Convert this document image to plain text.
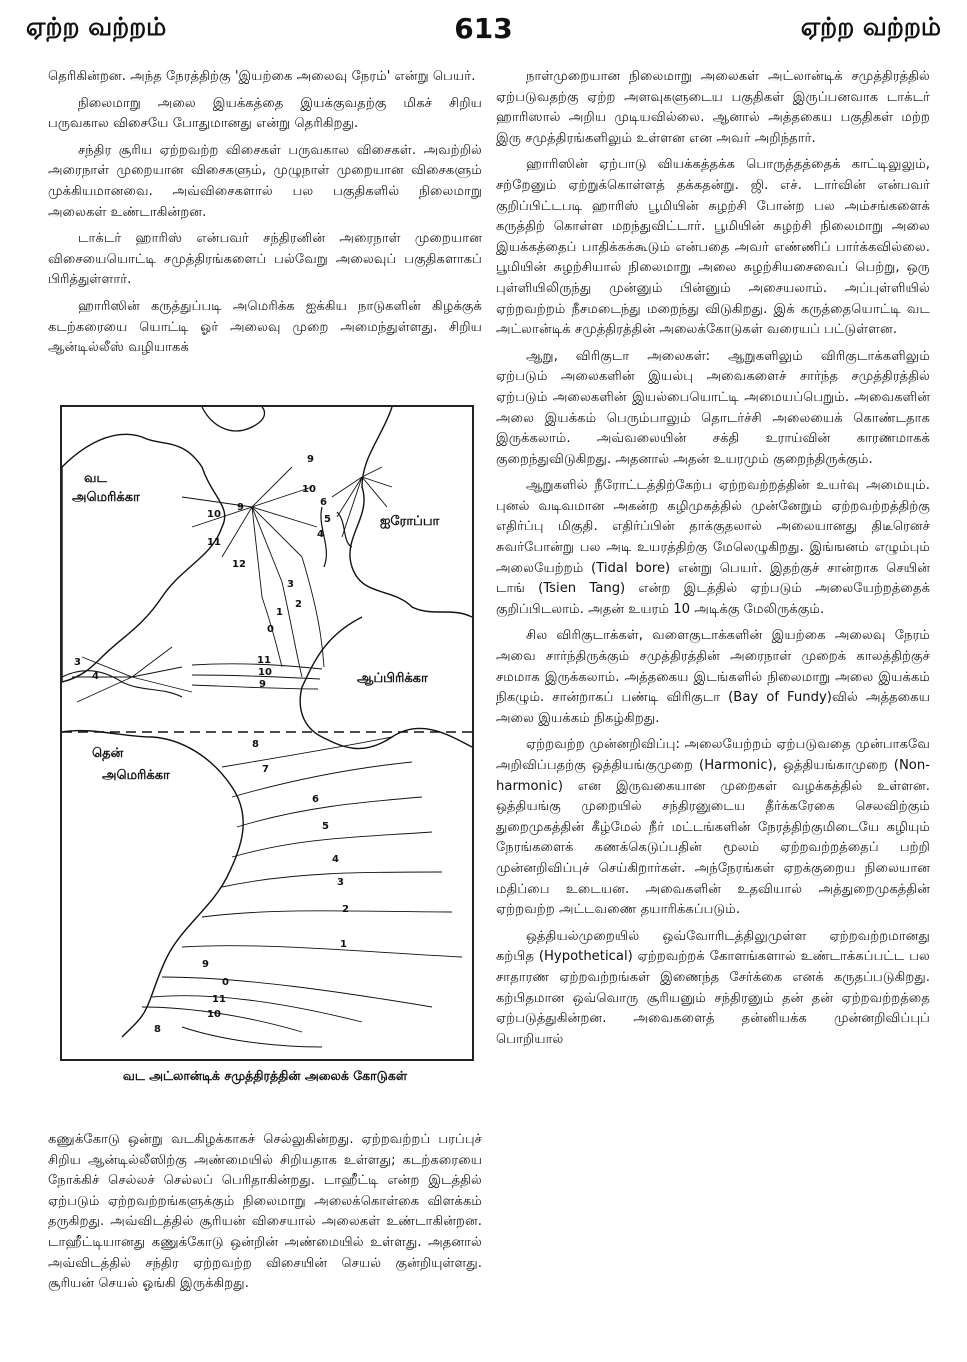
ஏற்ற வற்றம்	613	ஏற்ற வற்றம்

தெரிகின்றன. அந்த நேரத்திற்கு 'இயற்கை அலைவு நேரம்' என்று பெயர்.

நிலைமாறு அலை இயக்கத்தை இயக்குவதற்கு மிகச் சிறிய பருவகால விசையே போதுமானது என்று தெரிகிறது.

சந்திர சூரிய ஏற்றவற்ற விசைகள் பருவகால விசைகள். அவற்றில் அரைநாள் முறையான விசைகளும், முழுநாள் முறையான விசைகளும் முக்கியமானவை. அவ்விசைகளால் பல பகுதிகளில் நிலைமாறு அலைகள் உண்டாகின்றன.

டாக்டர் ஹாரிஸ் என்பவர் சந்திரனின் அரைநாள் முறையான விசையையொட்டி சமுத்திரங்களைப் பல்வேறு அலைவுப் பகுதிகளாகப் பிரித்துள்ளார்.

ஹாரிஸின் கருத்துப்படி அமெரிக்க ஐக்கிய நாடுகளின் கிழக்குக் கடற்கரையை யொட்டி ஓர் அலைவு முறை அமைந்துள்ளது. சிறிய ஆன்டில்லீஸ் வழியாகக்

வட
அமெரிக்கா
ஐரோப்பா
ஆப்பிரிக்கா
தென்
அமெரிக்கா
10
9
11
12
3
2
1
0
11
10
9
4
3
9
10
6
5
4
8
7
6
5
4
3
2
1
0
11
10
9
8
வட அட்லான்டிக் சமுத்திரத்தின் அலைக் கோடுகள்

கணுக்கோடு ஒன்று வடகிழக்காகச் செல்லுகின்றது. ஏற்றவற்றப் பரப்புச் சிறிய ஆன்டில்லீஸிற்கு அண்மையில் சிறியதாக உள்ளது; கடற்கரையை நோக்கிச் செல்லச் செல்லப் பெரிதாகின்றது. டாஹீட்டி என்ற இடத்தில் ஏற்படும் ஏற்றவற்றங்களுக்கும் நிலைமாறு அலைக்கொள்கை விளக்கம் தருகிறது. அவ்விடத்தில் சூரியன் விசையால் அலைகள் உண்டாகின்றன. டாஹீட்டியானது கணுக்கோடு ஒன்றின் அண்மையில் உள்ளது. அதனால் அவ்விடத்தில் சந்திர ஏற்றவற்ற விசையின் செயல் குன்றியுள்ளது. சூரியன் செயல் ஓங்கி இருக்கிறது.

நாள்முறையான நிலைமாறு அலைகள் அட்லான்டிக் சமுத்திரத்தில் ஏற்படுவதற்கு ஏற்ற அளவுகளுடைய பகுதிகள் இருப்பனவாக டாக்டர் ஹாரிஸால் அறிய முடியவில்லை. ஆனால் அத்தகைய பகுதிகள் மற்ற இரு சமுத்திரங்களிலும் உள்ளன என அவர் அறிந்தார்.

ஹாரிஸின் ஏற்பாடு வியக்கத்தக்க பொருத்தத்தைக் காட்டிலுலும், சற்றேனும் ஏற்றுக்கொள்ளத் தக்கதன்று. ஜி. எச். டார்வின் என்பவர் குறிப்பிட்டபடி ஹாரிஸ் பூமியின் சுழற்சி போன்ற பல அம்சங்களைக் கருத்திற் கொள்ள மறந்துவிட்டார். பூமியின் சுழற்சி நிலைமாறு அலை இயக்கத்தைப் பாதிக்கக்கூடும் என்பதை அவர் எண்ணிப் பார்க்கவில்லை. பூமியின் சுழற்சியால் நிலைமாறு அலை சுழற்சியசைவைப் பெற்று, ஒரு புள்ளியிலிருந்து முன்னும் பின்னும் அசையலாம். அப்புள்ளியில் ஏற்றவற்றம் நீசமடைந்து மறைந்து விடுகிறது. இக் கருத்தையொட்டி வட அட்லான்டிக் சமுத்திரத்தின் அலைக்கோடுகள் வரையப் பட்டுள்ளன.

ஆறு, விரிகுடா அலைகள்: ஆறுகளிலும் விரிகுடாக்களிலும் ஏற்படும் அலைகளின் இயல்பு அவைகளைச் சார்ந்த சமுத்திரத்தில் ஏற்படும் அலைகளின் இயல்பையொட்டி அமையப்பெறும். அவைகளின் அலை இயக்கம் பெரும்பாலும் தொடர்ச்சி அலையைக் கொண்டதாக இருக்கலாம். அவ்வலையின் சக்தி உராய்வின் காரணமாகக் குறைந்துவிடுகிறது. அதனால் அதன் உயரமும் குறைந்திருக்கும்.

ஆறுகளில் நீரோட்டத்திற்கேற்ப ஏற்றவற்றத்தின் உயர்வு அமையும். புனல் வடிவமான அகன்ற கழிமுகத்தில் முன்னேறும் ஏற்றவற்றத்திற்கு எதிர்ப்பு மிகுதி. எதிர்ப்பின் தாக்குதலால் அலையானது திடீரெனச் சுவர்போன்று பல அடி உயரத்திற்கு மேலெழுகிறது. இங்ஙனம் எழும்பும் அலையேற்றம் (Tidal bore) என்று பெயர். இதற்குச் சான்றாக செயின் டாங் (Tsien Tang) என்ற இடத்தில் ஏற்படும் அலையேற்றத்தைக் குறிப்பிடலாம். அதன் உயரம் 10 அடிக்கு மேலிருக்கும்.

சில விரிகுடாக்கள், வளைகுடாக்களின் இயற்கை அலைவு நேரம் அவை சார்ந்திருக்கும் சமுத்திரத்தின் அரைநாள் முறைக் காலத்திற்குச் சமமாக இருக்கலாம். அத்தகைய இடங்களில் நிலைமாறு அலை இயக்கம் நிகழும். சான்றாகப் பண்டி விரிகுடா (Bay of Fundy)வில் அத்தகைய அலை இயக்கம் நிகழ்கிறது.

ஏற்றவற்ற முன்னறிவிப்பு: அலையேற்றம் ஏற்படுவதை முன்பாகவே அறிவிப்பதற்கு ஒத்தியங்குமுறை (Harmonic), ஒத்தியங்காமுறை (Non-harmonic) என இருவகையான முறைகள் வழக்கத்தில் உள்ளன. ஒத்தியங்கு முறையில் சந்திரனுடைய தீர்க்கரேகை செலவிற்கும் துறைமுகத்தின் கீழ்மேல் நீர் மட்டங்களின் நேரத்திற்குமிடையே கழியும் நேரங்களைக் கணக்கெடுப்பதின் மூலம் ஏற்றவற்றத்தைப் பற்றி முன்னறிவிப்புச் செய்கிறார்கள். அந்நேரங்கள் ஏறக்குறைய நிலையான மதிப்பை உடையன. அவைகளின் உதவியால் அத்துறைமுகத்தின் ஏற்றவற்ற அட்டவணை தயாரிக்கப்படும்.

ஒத்தியல்முறையில் ஒவ்வோரிடத்திலுமுள்ள ஏற்றவற்றமானது கற்பித (Hypothetical) ஏற்றவற்றக் கோளங்களால் உண்டாக்கப்பட்ட பல சாதாரண ஏற்றவற்றங்கள் இணைந்த சேர்க்கை எனக் கருதப்படுகிறது. கற்பிதமான ஒவ்வொரு சூரியனும் சந்திரனும் தன் தன் ஏற்றவற்றத்தை ஏற்படுத்துகின்றன. அவைகளைத் தன்னியக்க முன்னறிவிப்புப் பொறியால்
